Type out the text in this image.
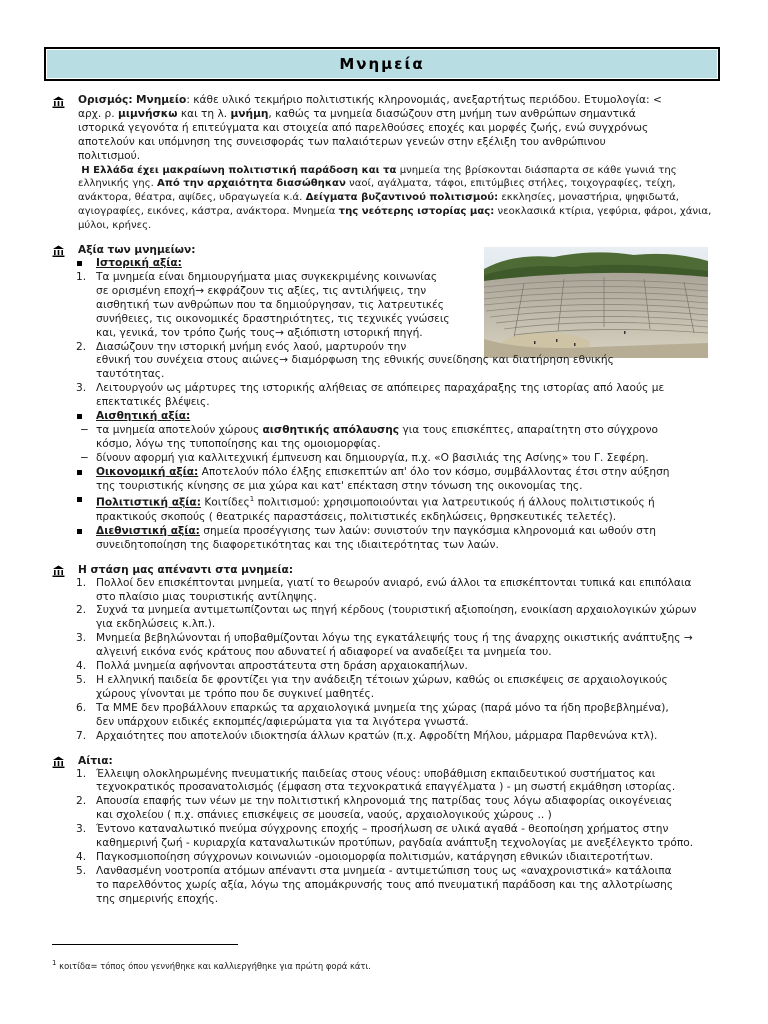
Μνημεία

Ορισμός: Μνημείο: κάθε υλικό τεκμήριο πολιτιστικής κληρονομιάς, ανεξαρτήτως περιόδου. Ετυμολογία: <

αρχ. ρ. μιμνήσκω και τη λ. μνήμη, καθώς τα μνημεία διασώζουν στη μνήμη των ανθρώπων σημαντικά

ιστορικά γεγονότα ή επιτεύγματα και στοιχεία από παρελθούσες εποχές και μορφές ζωής, ενώ συγχρόνως

αποτελούν και υπόμνηση της συνεισφοράς των παλαιότερων γενεών στην εξέλιξη του ανθρώπινου

πολιτισμού.

Η Ελλάδα έχει μακραίωνη πολιτιστική παράδοση και τα μνημεία της βρίσκονται διάσπαρτα σε κάθε γωνιά της

ελληνικής γης. Από την αρχαιότητα διασώθηκαν ναοί, αγάλματα, τάφοι, επιτύμβιες στήλες, τοιχογραφίες, τείχη,

ανάκτορα, θέατρα, αψίδες, υδραγωγεία κ.ά. Δείγματα βυζαντινού πολιτισμού: εκκλησίες, μοναστήρια, ψηφιδωτά,

αγιογραφίες, εικόνες, κάστρα, ανάκτορα. Μνημεία της νεότερης ιστορίας μας: νεοκλασικά κτίρια, γεφύρια, φάροι, χάνια,

μύλοι, κρήνες.

Αξία των μνημείων:
Ιστορική αξία:
1. Τα μνημεία είναι δημιουργήματα μιας συγκεκριμένης κοινωνίας
σε ορισμένη εποχή→ εκφράζουν τις αξίες, τις αντιλήψεις, την
αισθητική των ανθρώπων που τα δημιούργησαν, τις λατρευτικές
συνήθειες, τις οικονομικές δραστηριότητες, τις τεχνικές γνώσεις
και, γενικά, τον τρόπο ζωής τους→ αξιόπιστη ιστορική πηγή.
2. Διασώζουν την ιστορική μνήμη ενός λαού, μαρτυρούν την
εθνική του συνέχεια στους αιώνες→ διαμόρφωση της εθνικής συνείδησης και διατήρηση εθνικής
ταυτότητας.
3. Λειτουργούν ως μάρτυρες της ιστορικής αλήθειας σε απόπειρες παραχάραξης της ιστορίας από λαούς με
επεκτατικές βλέψεις.
Αισθητική αξία:
− τα μνημεία αποτελούν χώρους αισθητικής απόλαυσης για τους επισκέπτες, απαραίτητη στο σύγχρονο
κόσμο, λόγω της τυποποίησης και της ομοιομορφίας.
− δίνουν αφορμή για καλλιτεχνική έμπνευση και δημιουργία, π.χ. «Ο βασιλιάς της Ασίνης» του Γ. Σεφέρη.
Οικονομική αξία: Αποτελούν πόλο έλξης επισκεπτών απ' όλο τον κόσμο, συμβάλλοντας έτσι στην αύξηση
της τουριστικής κίνησης σε μια χώρα και κατ' επέκταση στην τόνωση της οικονομίας της.
Πολιτιστική αξία: Κοιτίδες$^1$ πολιτισμού: χρησιμοποιούνται για λατρευτικούς ή άλλους πολιτιστικούς ή
πρακτικούς σκοπούς ( θεατρικές παραστάσεις, πολιτιστικές εκδηλώσεις, θρησκευτικές τελετές).
Διεθνιστική αξία: σημεία προσέγγισης των λαών: συνιστούν την παγκόσμια κληρονομιά και ωθούν στη
συνειδητοποίηση της διαφορετικότητας και της ιδιαιτερότητας των λαών.
Η στάση μας απέναντι στα μνημεία:
1. Πολλοί δεν επισκέπτονται μνημεία, γιατί το θεωρούν ανιαρό, ενώ άλλοι τα επισκέπτονται τυπικά και επιπόλαια
στο πλαίσιο μιας τουριστικής αντίληψης.
2. Συχνά τα μνημεία αντιμετωπίζονται ως πηγή κέρδους (τουριστική αξιοποίηση, ενοικίαση αρχαιολογικών χώρων
για εκδηλώσεις κ.λπ.).
3. Μνημεία βεβηλώνονται ή υποβαθμίζονται λόγω της εγκατάλειψής τους ή της άναρχης οικιστικής ανάπτυξης →
αλγεινή εικόνα ενός κράτους που αδυνατεί ή αδιαφορεί να αναδείξει τα μνημεία του.
4. Πολλά μνημεία αφήνονται απροστάτευτα στη δράση αρχαιοκαπήλων.
5. Η ελληνική παιδεία δε φροντίζει για την ανάδειξη τέτοιων χώρων, καθώς οι επισκέψεις σε αρχαιολογικούς
χώρους γίνονται με τρόπο που δε συγκινεί μαθητές.
6. Τα ΜΜΕ δεν προβάλλουν επαρκώς τα αρχαιολογικά μνημεία της χώρας (παρά μόνο τα ήδη προβεβλημένα),
δεν υπάρχουν ειδικές εκπομπές/αφιερώματα για τα λιγότερα γνωστά.
7. Αρχαιότητες που αποτελούν ιδιοκτησία άλλων κρατών (π.χ. Αφροδίτη Μήλου, μάρμαρα Παρθενώνα κτλ).
Αίτια:
1. Έλλειψη ολοκληρωμένης πνευματικής παιδείας στους νέους: υποβάθμιση εκπαιδευτικού συστήματος και
τεχνοκρατικός προσανατολισμός (έμφαση στα τεχνοκρατικά επαγγέλματα ) - μη σωστή εκμάθηση ιστορίας.
2. Απουσία επαφής των νέων με την πολιτιστική κληρονομιά της πατρίδας τους λόγω αδιαφορίας οικογένειας
και σχολείου ( π.χ. σπάνιες επισκέψεις σε μουσεία, ναούς, αρχαιολογικούς χώρους .. )
3. Έντονο καταναλωτικό πνεύμα σύγχρονης εποχής – προσήλωση σε υλικά αγαθά - θεοποίηση χρήματος στην
καθημερινή ζωή - κυριαρχία καταναλωτικών προτύπων, ραγδαία ανάπτυξη τεχνολογίας με ανεξέλεγκτο τρόπο.
4. Παγκοσμιοποίηση σύγχρονων κοινωνιών -ομοιομορφία πολιτισμών, κατάργηση εθνικών ιδιαιτεροτήτων.
5. Λανθασμένη νοοτροπία ατόμων απέναντι στα μνημεία - αντιμετώπιση τους ως «αναχρονιστικά» κατάλοιπα
το παρελθόντος χωρίς αξία, λόγω της απομάκρυνσής τους από πνευματική παράδοση και της αλλοτρίωσης
της σημερινής εποχής.
$^1$ κοιτίδα= τόπος όπου γεννήθηκε και καλλιεργήθηκε για πρώτη φορά κάτι.
